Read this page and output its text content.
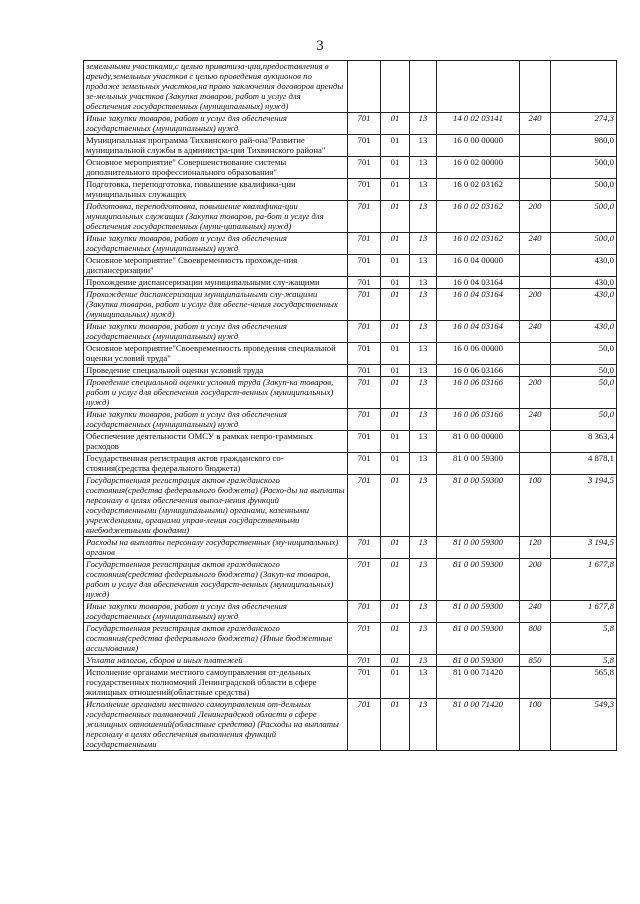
3
земельными участками,с целью приватиза-ции,предоставления в аренду,земельных участков с целью проведения аукционов по продаже земельных участков,на право заключения договоров аренды зе-мельных участков (Закупка товаров, работ и услуг для обеспечения государственных (муниципальных) нужд)						
Иные закупки товаров, работ и услуг для обеспечения государственных (муниципальных) нужд	701	01	13	14 0 02 03141	240	274,3
Муниципальная программа Тихвинского рай-она"Развитие муниципальной службы в администра-ции Тихвинского района"	701	01	13	16 0 00 00000		980,0
Основное мероприятие" Совершенствование системы дополнительного профессионального образования"	701	01	13	16 0 02 00000		500,0
Подготовка, переподготовка, повышение квалифика-ции муниципальных служащих	701	01	13	16 0 02 03162		500,0
Подготовка, переподготовка, повышение квалифика-ции муниципальных служащих (Закупка товаров, ра-бот и услуг для обеспечения государственных (муни-ципальных) нужд)	701	01	13	16 0 02 03162	200	500,0
Иные закупки товаров, работ и услуг для обеспечения государственных (муниципальных) нужд	701	01	13	16 0 02 03162	240	500,0
Основное мероприятие" Своевременность прохожде-ния диспансеризации"	701	01	13	16 0 04 00000		430,0
Прохождение диспансеризации муниципальными слу-жащими	701	01	13	16 0 04 03164		430,0
Прохождение диспансеризации муниципальными слу-жащими (Закупка товаров, работ и услуг для обеспе-чения государственных (муниципальных) нужд)	701	01	13	16 0 04 03164	200	430,0
Иные закупки товаров, работ и услуг для обеспечения государственных (муниципальных) нужд	701	01	13	16 0 04 03164	240	430,0
Основное мероприятие"Своевременность проведения специальной оценки условий труда"	701	01	13	16 0 06 00000		50,0
Проведение специальной оценки условий труда	701	01	13	16 0 06 03166		50,0
Проведение специальной оценки условий труда (Закуп-ка товаров, работ и услуг для обеспечения государст-венных (муниципальных) нужд)	701	01	13	16 0 06 03166	200	50,0
Иные закупки товаров, работ и услуг для обеспечения государственных (муниципальных) нужд	701	01	13	16 0 06 03166	240	50,0
Обеспечение деятельности ОМСУ в рамках непро-граммных расходов	701	01	13	81 0 00 00000		8 363,4
Государственная регистрация актов гражданского со-стояния(средства федерального бюджета)	701	01	13	81 0 00 59300		4 878,1
Государственная регистрация актов гражданского состояния(средства федерального бюджета) (Расхо-ды на выплаты персоналу в целях обеспечения выпол-нения функций государственными (муниципальными) органами, казенными учреждениями, органами управ-ления государственными внебюджетными фондами)	701	01	13	81 0 00 59300	100	3 194,5
Расходы на выплаты персоналу государственных (му-ниципальных) органов	701	01	13	81 0 00 59300	120	3 194,5
Государственная регистрация актов гражданского состояния(средства федерального бюджета) (Закуп-ка товаров, работ и услуг для обеспечения государст-венных (муниципальных) нужд)	701	01	13	81 0 00 59300	200	1 677,8
Иные закупки товаров, работ и услуг для обеспечения государственных (муниципальных) нужд	701	01	13	81 0 00 59300	240	1 677,8
Государственная регистрация актов гражданского состояния(средства федерального бюджета) (Иные бюджетные ассигнования)	701	01	13	81 0 00 59300	800	5,8
Уплата налогов, сборов и иных платежей	701	01	13	81 0 00 59300	850	5,8
Исполнение органами местного самоуправления от-дельных государственных полномочий Ленинградской области в сфере жилищных отношений(областные средства)	701	01	13	81 0 00 71420		565,8
Исполнение органами местного самоуправления от-дельных государственных полномочий Ленинградской области в сфере жилищных отношений(областные средства) (Расходы на выплаты персоналу в целях обеспечения выполнения функций государственными	701	01	13	81 0 00 71420	100	549,3
